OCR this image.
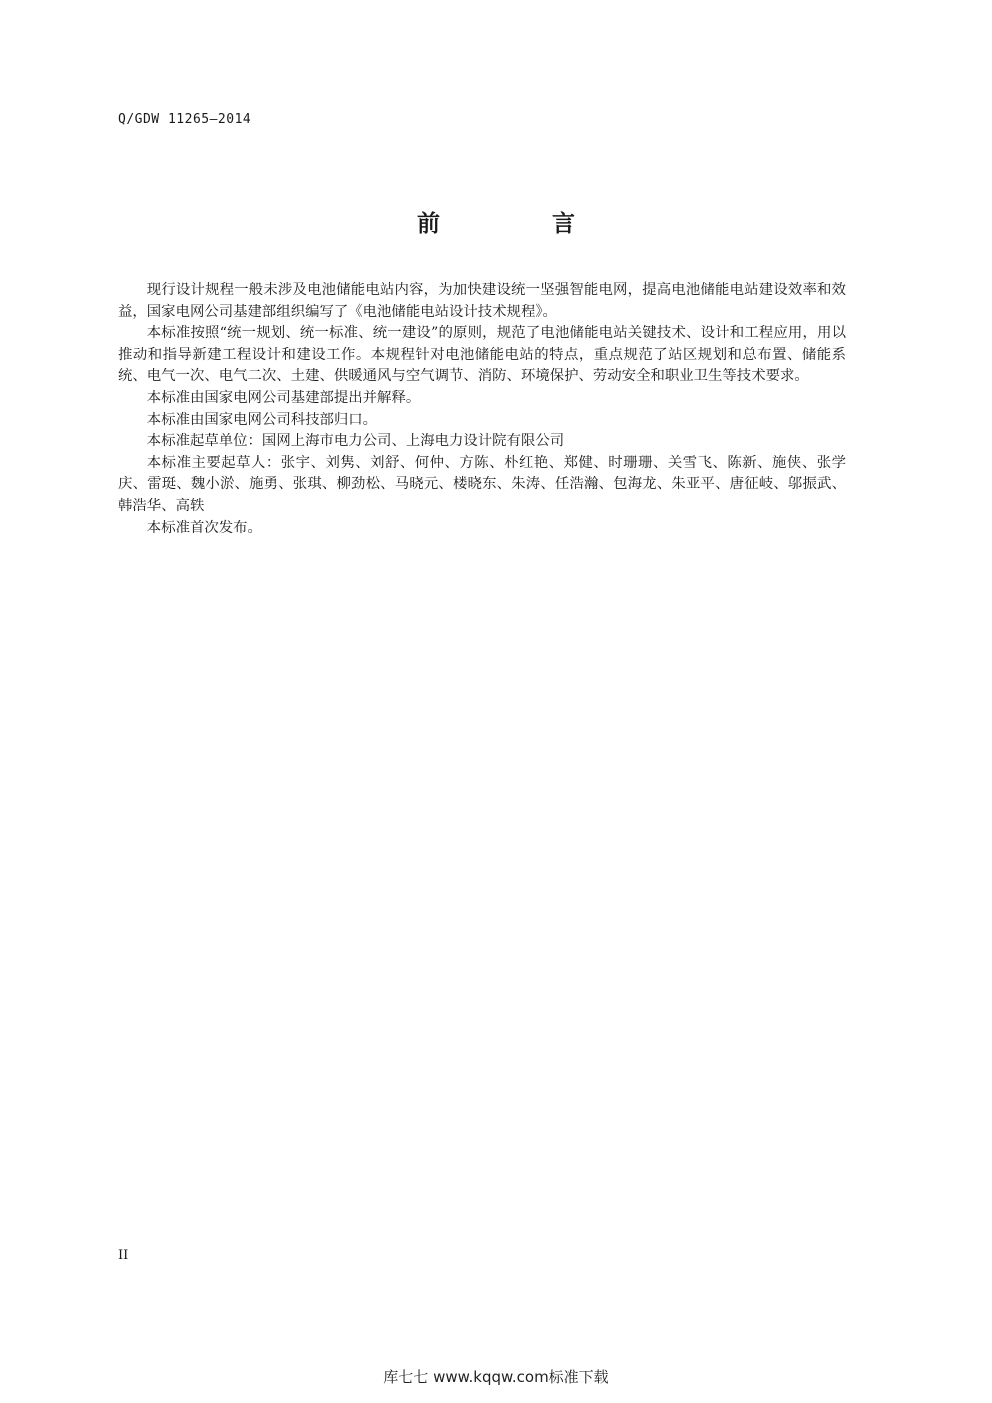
Q/GDW 11265—2014
前 言

现行设计规程一般未涉及电池储能电站内容，为加快建设统一坚强智能电网，提高电池储能电站建设效率和效益，国家电网公司基建部组织编写了《电池储能电站设计技术规程》。

本标准按照“统一规划、统一标准、统一建设”的原则，规范了电池储能电站关键技术、设计和工程应用，用以推动和指导新建工程设计和建设工作。本规程针对电池储能电站的特点，重点规范了站区规划和总布置、储能系统、电气一次、电气二次、土建、供暖通风与空气调节、消防、环境保护、劳动安全和职业卫生等技术要求。

本标准由国家电网公司基建部提出并解释。

本标准由国家电网公司科技部归口。

本标准起草单位：国网上海市电力公司、上海电力设计院有限公司

本标准主要起草人：张宇、刘隽、刘舒、何仲、方陈、朴红艳、郑健、时珊珊、关雪飞、陈新、施侠、张学庆、雷珽、魏小淤、施勇、张琪、柳劲松、马晓元、楼晓东、朱涛、任浩瀚、包海龙、朱亚平、唐征岐、邬振武、韩浩华、高轶

本标准首次发布。

II
库七七 www.kqqw.com标准下载
